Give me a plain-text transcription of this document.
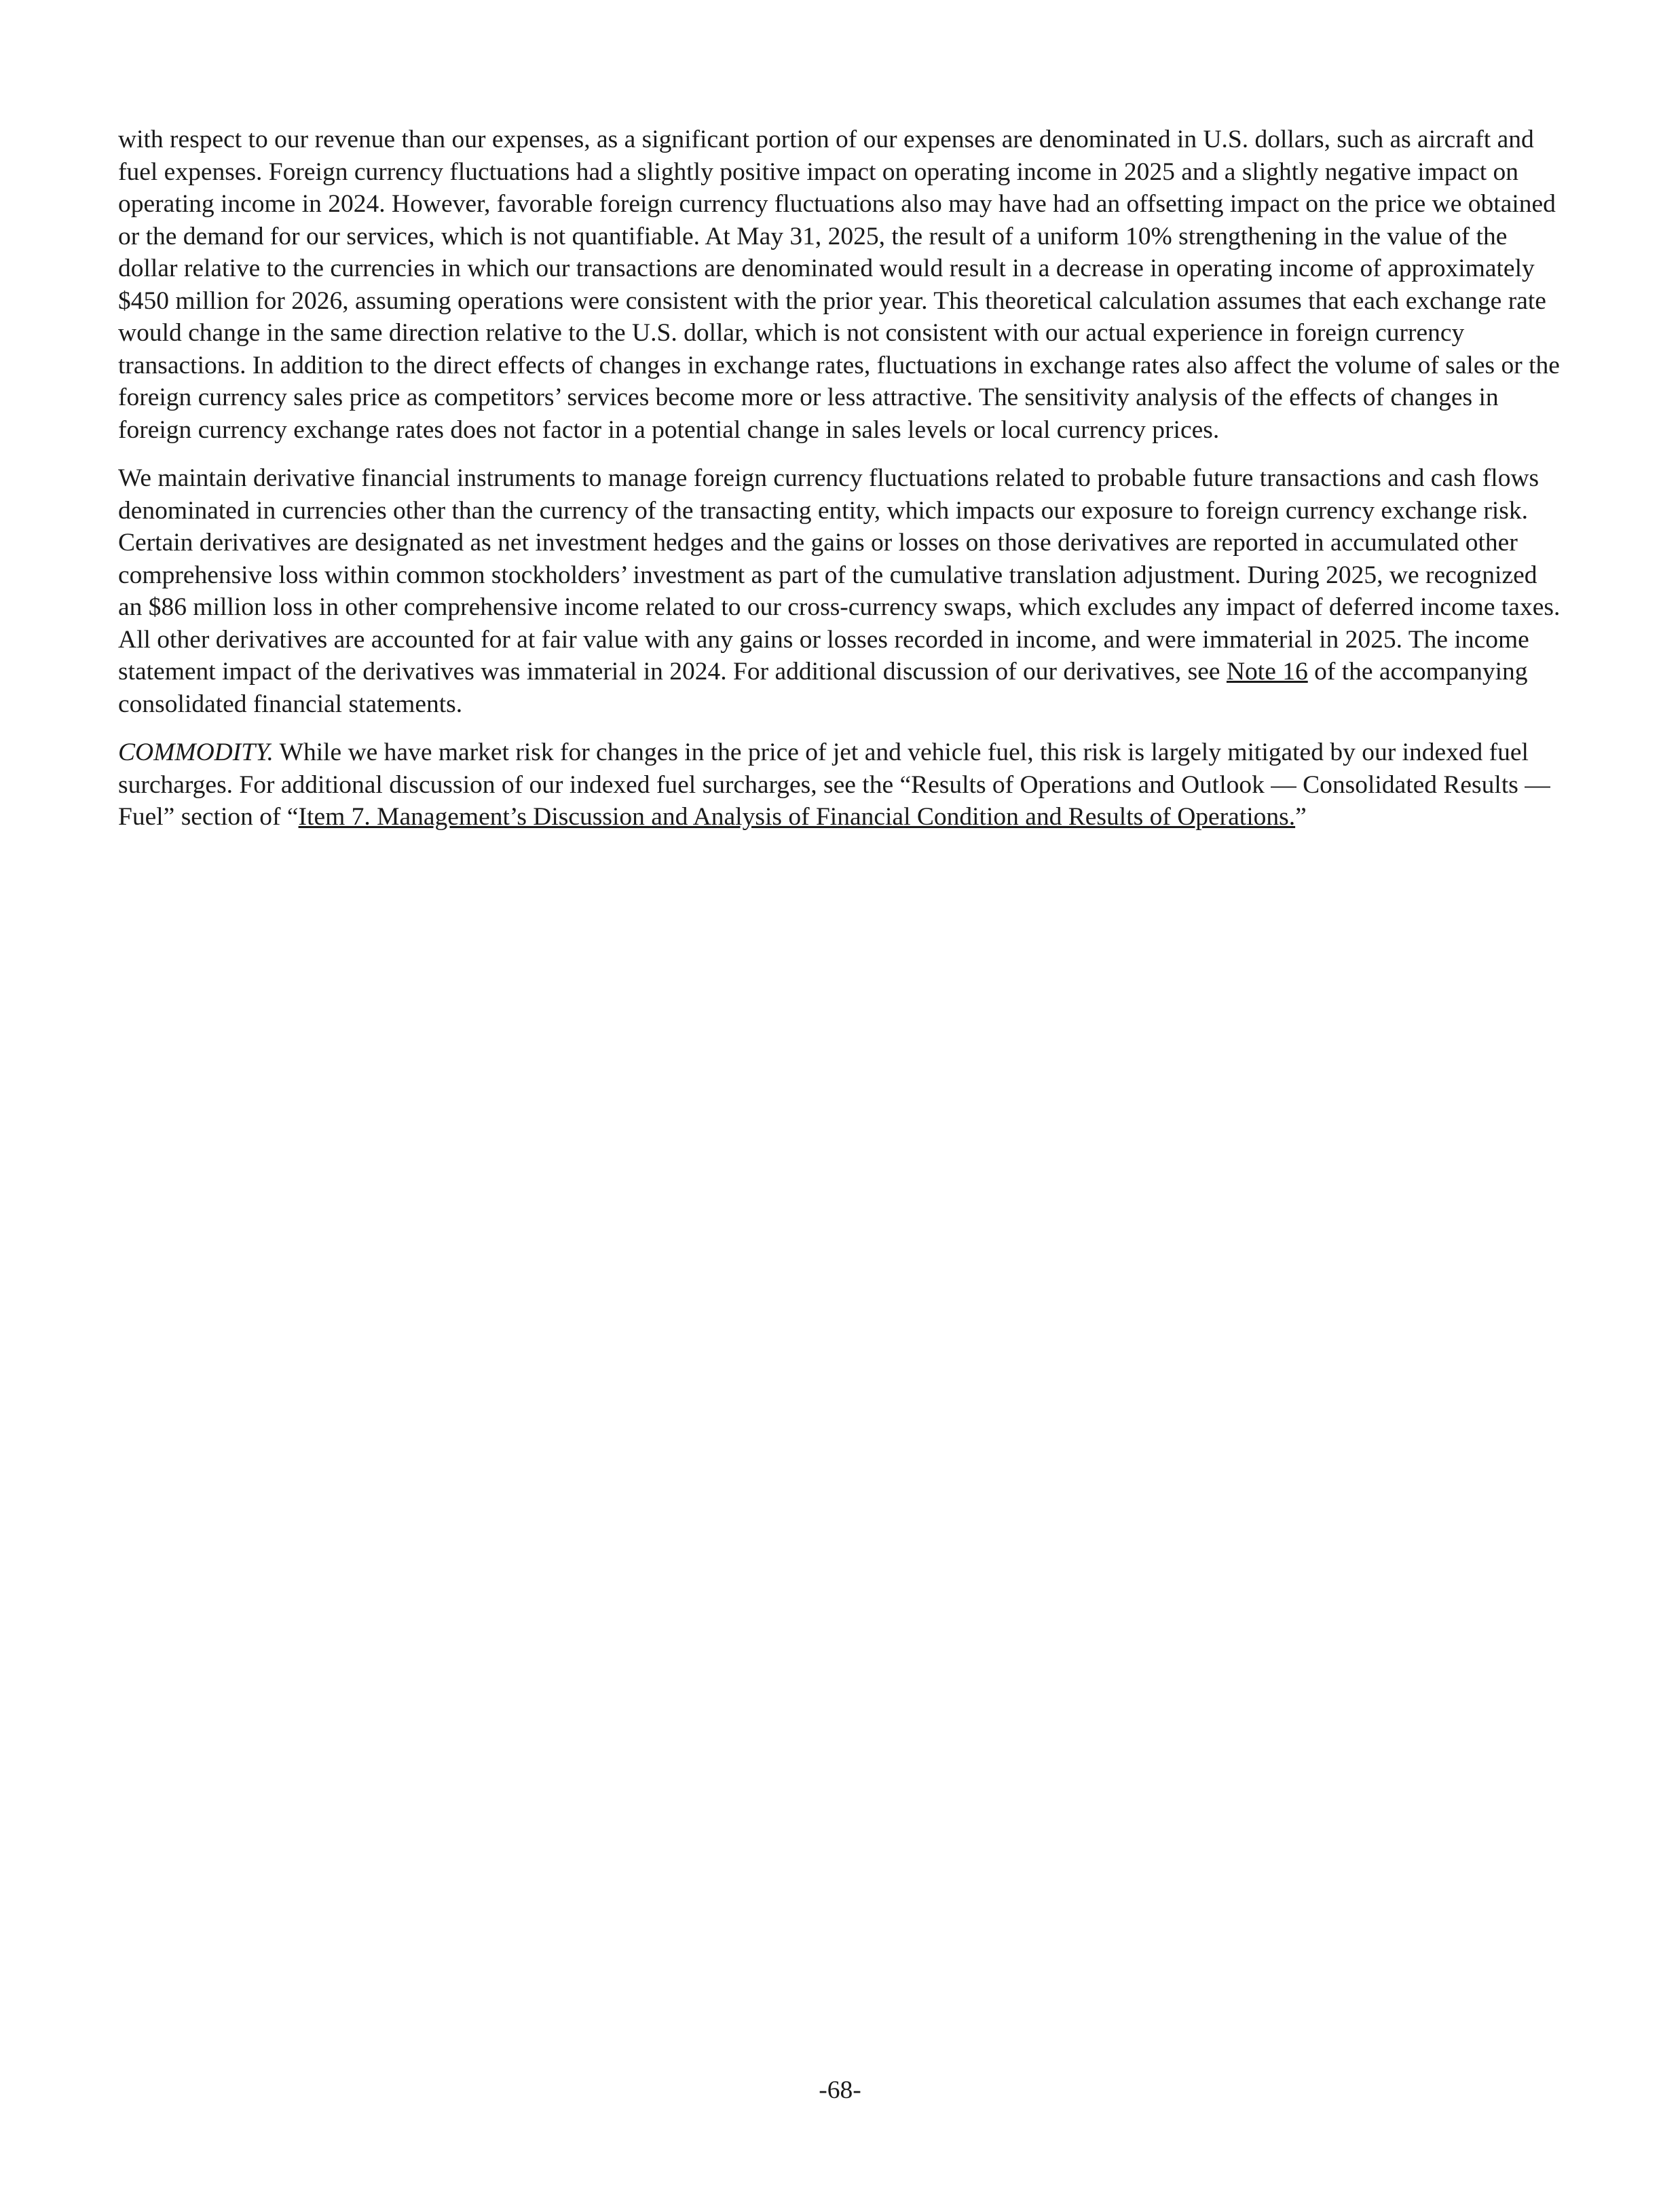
with respect to our revenue than our expenses, as a significant portion of our expenses are denominated in U.S. dollars, such as aircraft and fuel expenses. Foreign currency fluctuations had a slightly positive impact on operating income in 2025 and a slightly negative impact on operating income in 2024. However, favorable foreign currency fluctuations also may have had an offsetting impact on the price we obtained or the demand for our services, which is not quantifiable. At May 31, 2025, the result of a uniform 10% strengthening in the value of the dollar relative to the currencies in which our transactions are denominated would result in a decrease in operating income of approximately $450 million for 2026, assuming operations were consistent with the prior year. This theoretical calculation assumes that each exchange rate would change in the same direction relative to the U.S. dollar, which is not consistent with our actual experience in foreign currency transactions. In addition to the direct effects of changes in exchange rates, fluctuations in exchange rates also affect the volume of sales or the foreign currency sales price as competitors’ services become more or less attractive. The sensitivity analysis of the effects of changes in foreign currency exchange rates does not factor in a potential change in sales levels or local currency prices.

We maintain derivative financial instruments to manage foreign currency fluctuations related to probable future transactions and cash flows denominated in currencies other than the currency of the transacting entity, which impacts our exposure to foreign currency exchange risk. Certain derivatives are designated as net investment hedges and the gains or losses on those derivatives are reported in accumulated other comprehensive loss within common stockholders’ investment as part of the cumulative translation adjustment. During 2025, we recognized an $86 million loss in other comprehensive income related to our cross-currency swaps, which excludes any impact of deferred income taxes. All other derivatives are accounted for at fair value with any gains or losses recorded in income, and were immaterial in 2025. The income statement impact of the derivatives was immaterial in 2024. For additional discussion of our derivatives, see Note 16 of the accompanying consolidated financial statements.

COMMODITY. While we have market risk for changes in the price of jet and vehicle fuel, this risk is largely mitigated by our indexed fuel surcharges. For additional discussion of our indexed fuel surcharges, see the “Results of Operations and Outlook — Consolidated Results — Fuel” section of “Item 7. Management’s Discussion and Analysis of Financial Condition and Results of Operations.”

-68-
